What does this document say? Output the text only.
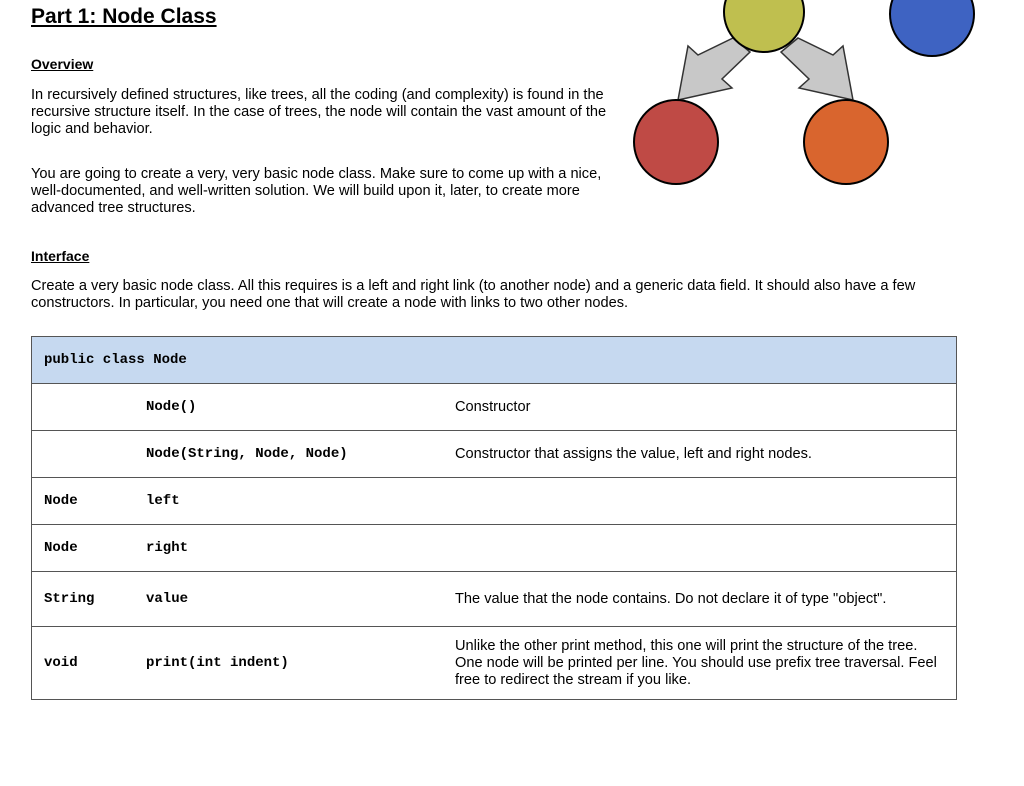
Part 1: Node Class
Overview

In recursively defined structures, like trees, all the coding (and complexity) is found in the recursive structure itself. In the case of trees, the node will contain the vast amount of the logic and behavior.

You are going to create a very, very basic node class. Make sure to come up with a nice, well-documented, and well-written solution. We will build upon it, later, to create more advanced tree structures.

Interface

Create a very basic node class. All this requires is a left and right link (to another node) and a generic data field. It should also have a few constructors. In particular, you need one that will create a node with links to two other nodes.

public class Node		
	Node()	Constructor
	Node(String, Node, Node)	Constructor that assigns the value, left and right nodes.
Node	left	
Node	right	
String	value	The value that the node contains. Do not declare it of type "object".
void	print(int indent)	Unlike the other print method, this one will print the structure of the tree. One node will be printed per line. You should use prefix tree traversal. Feel free to redirect the stream if you like.
